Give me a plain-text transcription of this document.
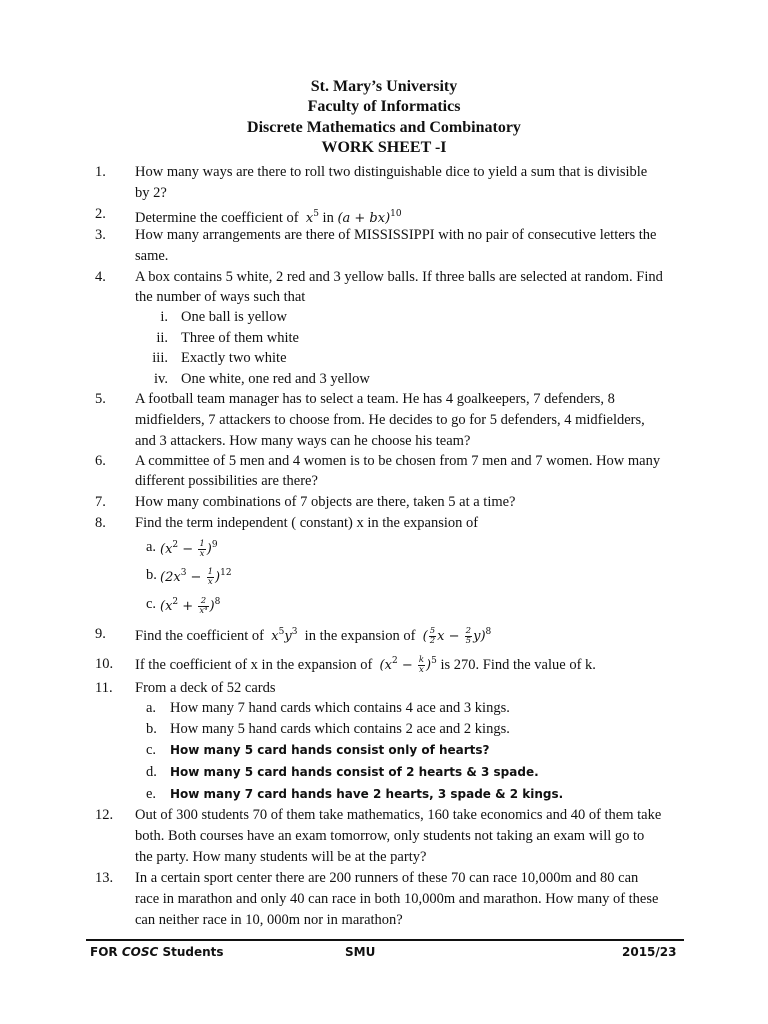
St. Mary’s University
Faculty of Informatics
Discrete Mathematics and Combinatory
WORK SHEET -I
1. How many ways are there to roll two distinguishable dice to yield a sum that is divisible
by 2?
2. Determine the coefficient of $x^5$ in (a + bx)$^{10}$
3. How many arrangements are there of MISSISSIPPI with no pair of consecutive letters the
same.
4. A box contains 5 white, 2 red and 3 yellow balls. If three balls are selected at random. Find
the number of ways such that
i. One ball is yellow
ii. Three of them white
iii. Exactly two white
iv. One white, one red and 3 yellow
5. A football team manager has to select a team. He has 4 goalkeepers, 7 defenders, 8
midfielders, 7 attackers to choose from. He decides to go for 5 defenders, 4 midfielders,
and 3 attackers. How many ways can he choose his team?
6. A committee of 5 men and 4 women is to be chosen from 7 men and 7 women. How many
different possibilities are there?
7. How many combinations of 7 objects are there, taken 5 at a time?
8. Find the term independent ( constant) x in the expansion of
a. $(x^2 - \frac{1}{x} )^9$
b. $(2x^3 - \frac{1}{x} )^{12}$
c. $(x^2 + \frac{2}{\text{x⁴}} )^8$
9. Find the coefficient of $x^5y^3$ in the expansion of ( $\frac{5}{2}$ $x - \frac{2}{5} y)^8$
10. If the coefficient of x in the expansion of $(x^2 - \frac{k}{x} )^5$ is 270. Find the value of k.
11. From a deck of 52 cards
a. How many 7 hand cards which contains 4 ace and 3 kings.
b. How many 5 hand cards which contains 2 ace and 2 kings.
c. How many 5 card hands consist only of hearts?
d. How many 5 card hands consist of 2 hearts & 3 spade.
e. How many 7 card hands have 2 hearts, 3 spade & 2 kings.
12. Out of 300 students 70 of them take mathematics, 160 take economics and 40 of them take
both. Both courses have an exam tomorrow, only students not taking an exam will go to
the party. How many students will be at the party?
13. In a certain sport center there are 200 runners of these 70 can race 10,000m and 80 can
race in marathon and only 40 can race in both 10,000m and marathon. How many of these
can neither race in 10, 000m nor in marathon?
FOR COSC Students	SMU	2015/23
